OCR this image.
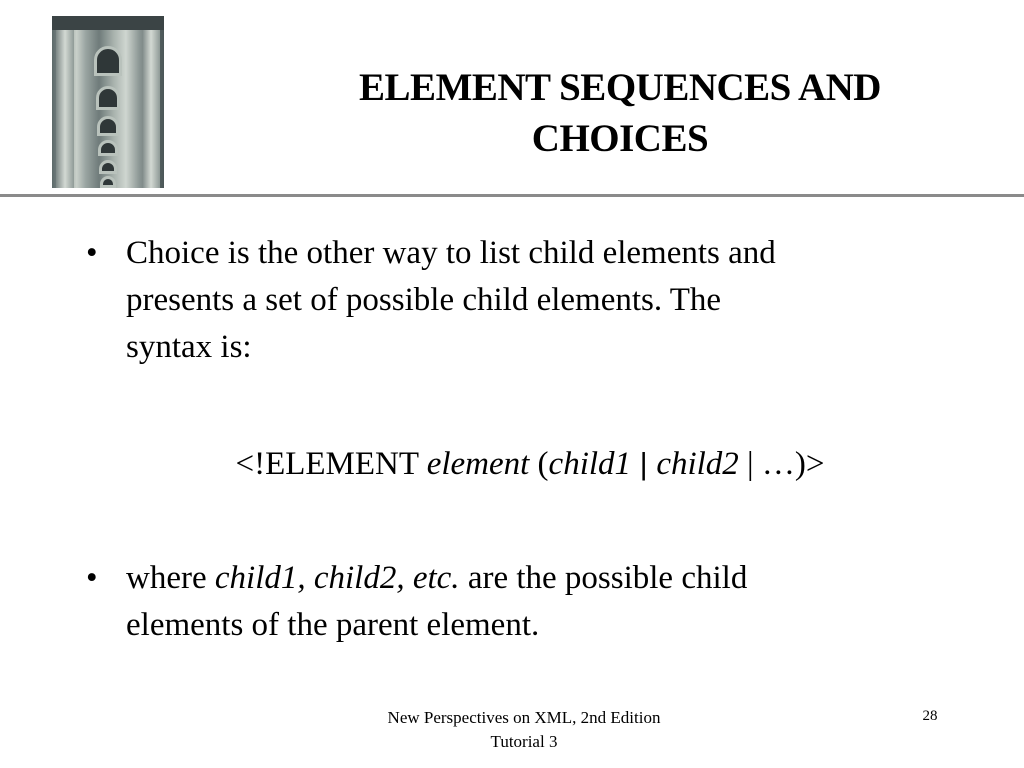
ELEMENT SEQUENCES AND
CHOICES
• Choice is the other way to list child elements and
presents a set of possible child elements. The
syntax is:
<!ELEMENT element (child1 | child2 | …)>
• where child1, child2, etc. are the possible child
elements of the parent element.
New Perspectives on XML, 2nd Edition
Tutorial 3
28
